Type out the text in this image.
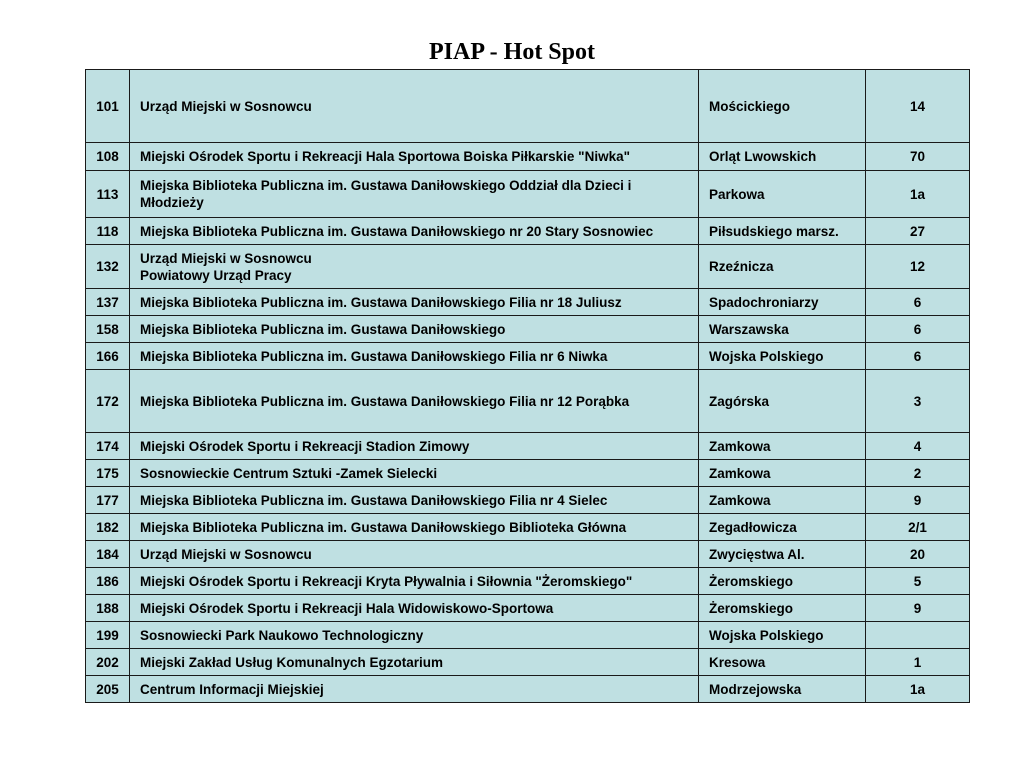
PIAP - Hot Spot
101	Urząd Miejski w Sosnowcu	Mościckiego	14
108	Miejski Ośrodek Sportu i Rekreacji Hala Sportowa Boiska Piłkarskie "Niwka"	Orląt Lwowskich	70
113	Miejska Biblioteka Publiczna im. Gustawa Daniłowskiego Oddział dla Dzieci i
Młodzieży	Parkowa	1a
118	Miejska Biblioteka Publiczna im. Gustawa Daniłowskiego nr 20 Stary Sosnowiec	Piłsudskiego marsz.	27
132	Urząd Miejski w Sosnowcu
Powiatowy Urząd Pracy	Rzeźnicza	12
137	Miejska Biblioteka Publiczna im. Gustawa Daniłowskiego Filia nr 18 Juliusz	Spadochroniarzy	6
158	Miejska Biblioteka Publiczna im. Gustawa Daniłowskiego	Warszawska	6
166	Miejska Biblioteka Publiczna im. Gustawa Daniłowskiego Filia nr 6 Niwka	Wojska Polskiego	6
172	Miejska Biblioteka Publiczna im. Gustawa Daniłowskiego Filia nr 12 Porąbka	Zagórska	3
174	Miejski Ośrodek Sportu i Rekreacji Stadion Zimowy	Zamkowa	4
175	Sosnowieckie Centrum Sztuki -Zamek Sielecki	Zamkowa	2
177	Miejska Biblioteka Publiczna im. Gustawa Daniłowskiego Filia nr 4 Sielec	Zamkowa	9
182	Miejska Biblioteka Publiczna im. Gustawa Daniłowskiego Biblioteka Główna	Zegadłowicza	2/1
184	Urząd Miejski w Sosnowcu	Zwycięstwa Al.	20
186	Miejski Ośrodek Sportu i Rekreacji Kryta Pływalnia i Siłownia "Żeromskiego"	Żeromskiego	5
188	Miejski Ośrodek Sportu i Rekreacji Hala Widowiskowo-Sportowa	Żeromskiego	9
199	Sosnowiecki Park Naukowo Technologiczny	Wojska Polskiego	
202	Miejski Zakład Usług Komunalnych Egzotarium	Kresowa	1
205	Centrum Informacji Miejskiej	Modrzejowska	1a
